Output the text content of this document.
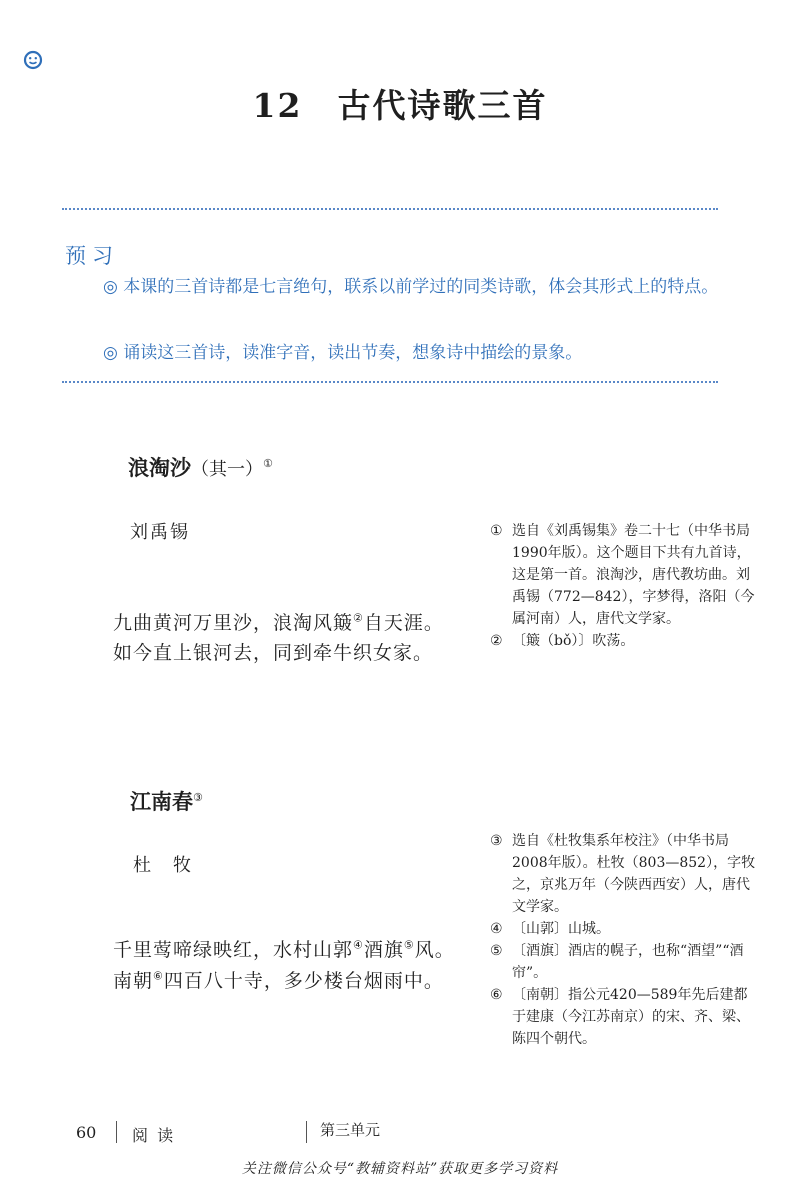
12　古代诗歌三首
预习
◎ 本课的三首诗都是七言绝句，联系以前学过的同类诗歌，体会其形式上的特点。
◎ 诵读这三首诗，读准字音，读出节奏，想象诗中描绘的景象。
浪淘沙（其一）①
刘禹锡
九曲黄河万里沙，浪淘风簸②自天涯。
如今直上银河去，同到牵牛织女家。
① 选自《刘禹锡集》卷二十七（中华书局1990年版）。这个题目下共有九首诗，这是第一首。浪淘沙，唐代教坊曲。刘禹锡（772—842），字梦得，洛阳（今属河南）人，唐代文学家。
② 〔簸（bǒ）〕吹荡。
江南春③
杜　牧
千里莺啼绿映红，水村山郭④酒旗⑤风。
南朝⑥四百八十寺，多少楼台烟雨中。
③ 选自《杜牧集系年校注》（中华书局2008年版）。杜牧（803—852），字牧之，京兆万年（今陕西西安）人，唐代文学家。
④ 〔山郭〕山城。
⑤ 〔酒旗〕酒店的幌子，也称“酒望”“酒帘”。
⑥ 〔南朝〕指公元420—589年先后建都于建康（今江苏南京）的宋、齐、梁、陈四个朝代。
60 阅 读	第三单元
关注微信公众号“教辅资料站”获取更多学习资料
